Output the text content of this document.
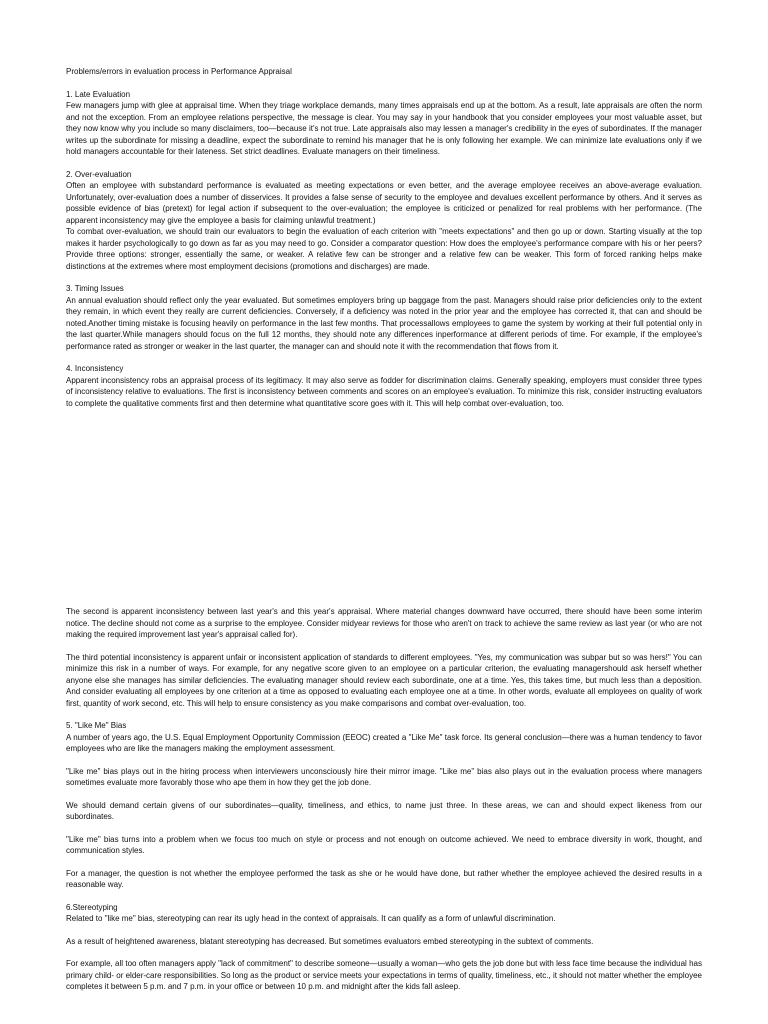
Problems/errors in evaluation process in Performance Appraisal
1. Late Evaluation

Few managers jump with glee at appraisal time. When they triage workplace demands, many times appraisals end up at the bottom. As a result, late appraisals are often the norm and not the exception. From an employee relations perspective, the message is clear. You may say in your handbook that you consider employees your most valuable asset, but they now know why you include so many disclaimers, too—because it's not true. Late appraisals also may lessen a manager's credibility in the eyes of subordinates. If the manager writes up the subordinate for missing a deadline, expect the subordinate to remind his manager that he is only following her example. We can minimize late evaluations only if we hold managers accountable for their lateness. Set strict deadlines. Evaluate managers on their timeliness.

2. Over-evaluation

Often an employee with substandard performance is evaluated as meeting expectations or even better, and the average employee receives an above-average evaluation. Unfortunately, over-evaluation does a number of disservices. It provides a false sense of security to the employee and devalues excellent performance by others. And it serves as possible evidence of bias (pretext) for legal action if subsequent to the over-evaluation; the employee is criticized or penalized for real problems with her performance. (The apparent inconsistency may give the employee a basis for claiming unlawful treatment.)

To combat over-evaluation, we should train our evaluators to begin the evaluation of each criterion with "meets expectations" and then go up or down. Starting visually at the top makes it harder psychologically to go down as far as you may need to go. Consider a comparator question: How does the employee's performance compare with his or her peers? Provide three options: stronger, essentially the same, or weaker. A relative few can be stronger and a relative few can be weaker. This form of forced ranking helps make distinctions at the extremes where most employment decisions (promotions and discharges) are made.

3. Timing Issues

An annual evaluation should reflect only the year evaluated. But sometimes employers bring up baggage from the past. Managers should raise prior deficiencies only to the extent they remain, in which event they really are current deficiencies. Conversely, if a deficiency was noted in the prior year and the employee has corrected it, that can and should be noted.Another timing mistake is focusing heavily on performance in the last few months. That processallows employees to game the system by working at their full potential only in the last quarter.While managers should focus on the full 12 months, they should note any differences inperformance at different periods of time. For example, if the employee's performance rated as stronger or weaker in the last quarter, the manager can and should note it with the recommendation that flows from it.

4. Inconsistency

Apparent inconsistency robs an appraisal process of its legitimacy. It may also serve as fodder for discrimination claims. Generally speaking, employers must consider three types of inconsistency relative to evaluations. The first is inconsistency between comments and scores on an employee's evaluation. To minimize this risk, consider instructing evaluators to complete the qualitative comments first and then determine what quantitative score goes with it. This will help combat over-evaluation, too.

The second is apparent inconsistency between last year's and this year's appraisal. Where material changes downward have occurred, there should have been some interim notice. The decline should not come as a surprise to the employee. Consider midyear reviews for those who aren't on track to achieve the same review as last year (or who are not making the required improvement last year's appraisal called for).

The third potential inconsistency is apparent unfair or inconsistent application of standards to different employees. "Yes, my communication was subpar but so was hers!" You can minimize this risk in a number of ways. For example, for any negative score given to an employee on a particular criterion, the evaluating managershould ask herself whether anyone else she manages has similar deficiencies. The evaluating manager should review each subordinate, one at a time. Yes, this takes time, but much less than a deposition. And consider evaluating all employees by one criterion at a time as opposed to evaluating each employee one at a time. In other words, evaluate all employees on quality of work first, quantity of work second, etc. This will help to ensure consistency as you make comparisons and combat over-evaluation, too.

5. "Like Me" Bias

A number of years ago, the U.S. Equal Employment Opportunity Commission (EEOC) created a "Like Me" task force. Its general conclusion—there was a human tendency to favor employees who are like the managers making the employment assessment.

"Like me" bias plays out in the hiring process when interviewers unconsciously hire their mirror image. "Like me" bias also plays out in the evaluation process where managers sometimes evaluate more favorably those who ape them in how they get the job done.

We should demand certain givens of our subordinates—quality, timeliness, and ethics, to name just three. In these areas, we can and should expect likeness from our subordinates.

"Like me" bias turns into a problem when we focus too much on style or process and not enough on outcome achieved. We need to embrace diversity in work, thought, and communication styles.

For a manager, the question is not whether the employee performed the task as she or he would have done, but rather whether the employee achieved the desired results in a reasonable way.

6.Stereotyping

Related to "like me" bias, stereotyping can rear its ugly head in the context of appraisals. It can qualify as a form of unlawful discrimination.

As a result of heightened awareness, blatant stereotyping has decreased. But sometimes evaluators embed stereotyping in the subtext of comments.

For example, all too often managers apply "lack of commitment" to describe someone—usually a woman—who gets the job done but with less face time because the individual has primary child- or elder-care responsibilities. So long as the product or service meets your expectations in terms of quality, timeliness, etc., it should not matter whether the employee completes it between 5 p.m. and 7 p.m. in your office or between 10 p.m. and midnight after the kids fall asleep.
